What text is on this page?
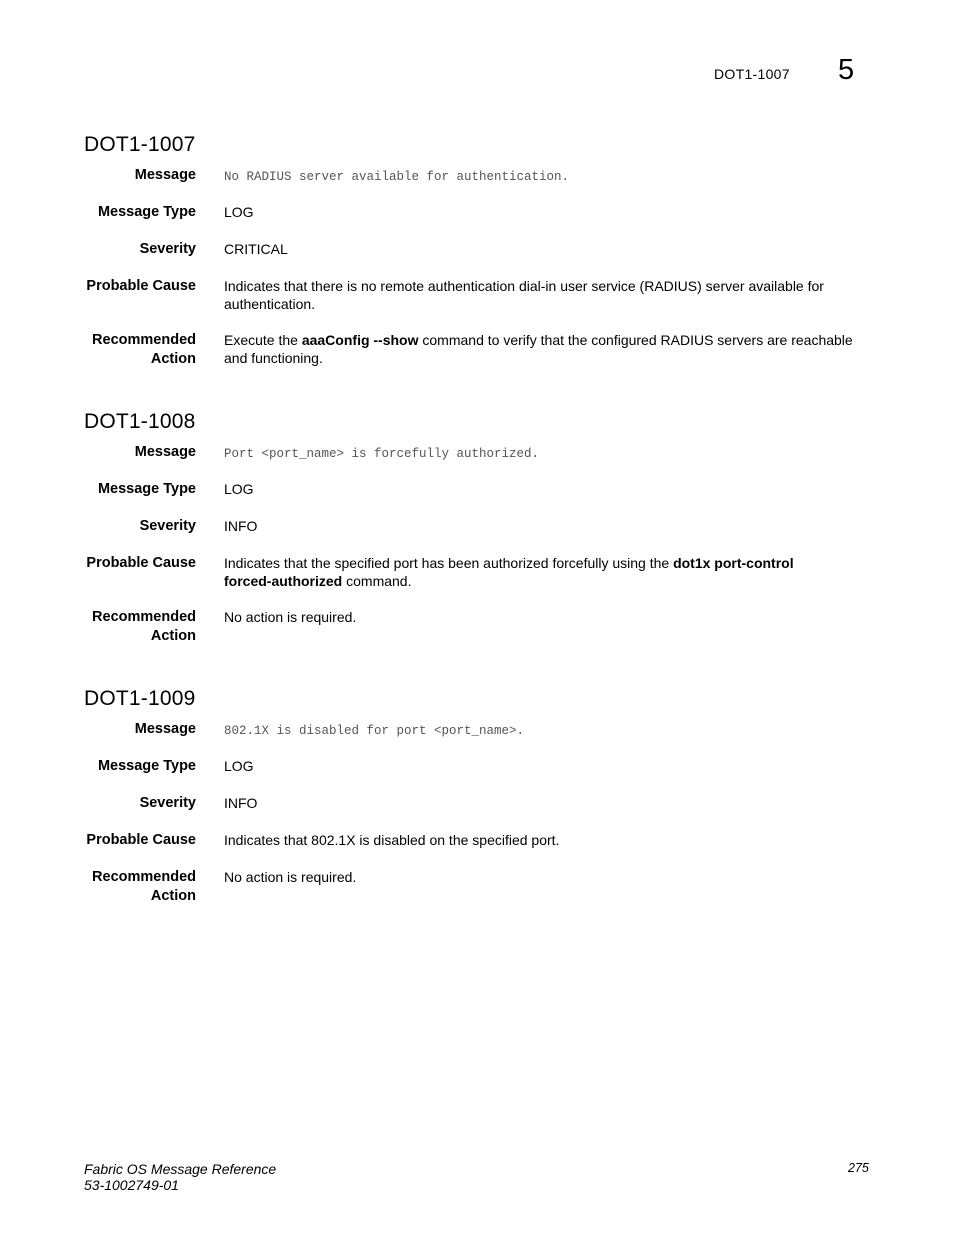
DOT1-1007 5
DOT1-1007
Message No RADIUS server available for authentication.
Message Type LOG
Severity CRITICAL
Probable Cause Indicates that there is no remote authentication dial-in user service (RADIUS) server available for authentication.
Recommended
Action
Execute the aaaConfig --show command to verify that the configured RADIUS servers are reachable and functioning.
DOT1-1008
Message Port <port_name> is forcefully authorized.
Message Type LOG
Severity INFO
Probable Cause Indicates that the specified port has been authorized forcefully using the dot1x port-control
forced-authorized command.
Recommended
Action
No action is required.
DOT1-1009
Message 802.1X is disabled for port <port_name>.
Message Type LOG
Severity INFO
Probable Cause Indicates that 802.1X is disabled on the specified port.
Recommended
Action
No action is required.
Fabric OS Message Reference
53-1002749-01
275
